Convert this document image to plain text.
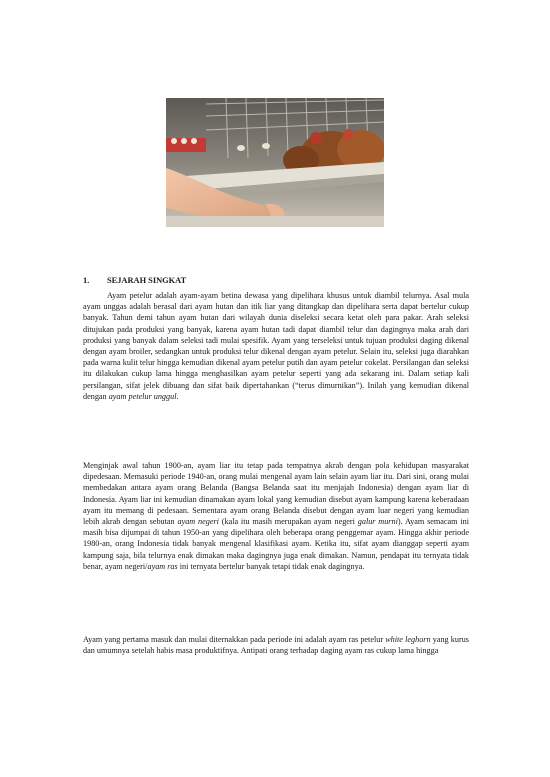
1. SEJARAH SINGKAT

Ayam petelur adalah ayam-ayam betina dewasa yang dipelihara khusus untuk diambil telurnya. Asal mula ayam unggas adalah berasal dari ayam hutan dan itik liar yang ditangkap dan dipelihara serta dapat bertelur cukup banyak. Tahun demi tahun ayam hutan dari wilayah dunia diseleksi secara ketat oleh para pakar. Arah seleksi ditujukan pada produksi yang banyak, karena ayam hutan tadi dapat diambil telur dan dagingnya maka arah dari produksi yang banyak dalam seleksi tadi mulai spesifik. Ayam yang terseleksi untuk tujuan produksi daging dikenal dengan ayam broiler, sedangkan untuk produksi telur dikenal dengan ayam petelur. Selain itu, seleksi juga diarahkan pada warna kulit telur hingga kemudian dikenal ayam petelur putih dan ayam petelur cokelat. Persilangan dan seleksi itu dilakukan cukup lama hingga menghasilkan ayam petelur seperti yang ada sekarang ini. Dalam setiap kali persilangan, sifat jelek dibuang dan sifat baik dipertahankan (“terus dimurnikan”). Inilah yang kemudian dikenal dengan ayam petelur unggul.

Menginjak awal tahun 1900-an, ayam liar itu tetap pada tempatnya akrab dengan pola kehidupan masyarakat dipedesaan. Memasuki periode 1940-an, orang mulai mengenal ayam lain selain ayam liar itu. Dari sini, orang mulai membedakan antara ayam orang Belanda (Bangsa Belanda saat itu menjajah Indonesia) dengan ayam liar di Indonesia. Ayam liar ini kemudian dinamakan ayam lokal yang kemudian disebut ayam kampung karena keberadaan ayam itu memang di pedesaan. Sementara ayam orang Belanda disebut dengan ayam luar negeri yang kemudian lebih akrab dengan sebutan ayam negeri (kala itu masih merupakan ayam negeri galur murni). Ayam semacam ini masih bisa dijumpai di tahun 1950-an yang dipelihara oleh beberapa orang penggemar ayam. Hingga akhir periode 1980-an, orang Indonesia tidak banyak mengenal klasifikasi ayam. Ketika itu, sifat ayam dianggap seperti ayam kampung saja, bila telurnya enak dimakan maka dagingnya juga enak dimakan. Namun, pendapat itu ternyata tidak benar, ayam negeri/ayam ras ini ternyata bertelur banyak tetapi tidak enak dagingnya.

Ayam yang pertama masuk dan mulai diternakkan pada periode ini adalah ayam ras petelur white leghorn yang kurus dan umumnya setelah habis masa produktifnya. Antipati orang terhadap daging ayam ras cukup lama hingga
